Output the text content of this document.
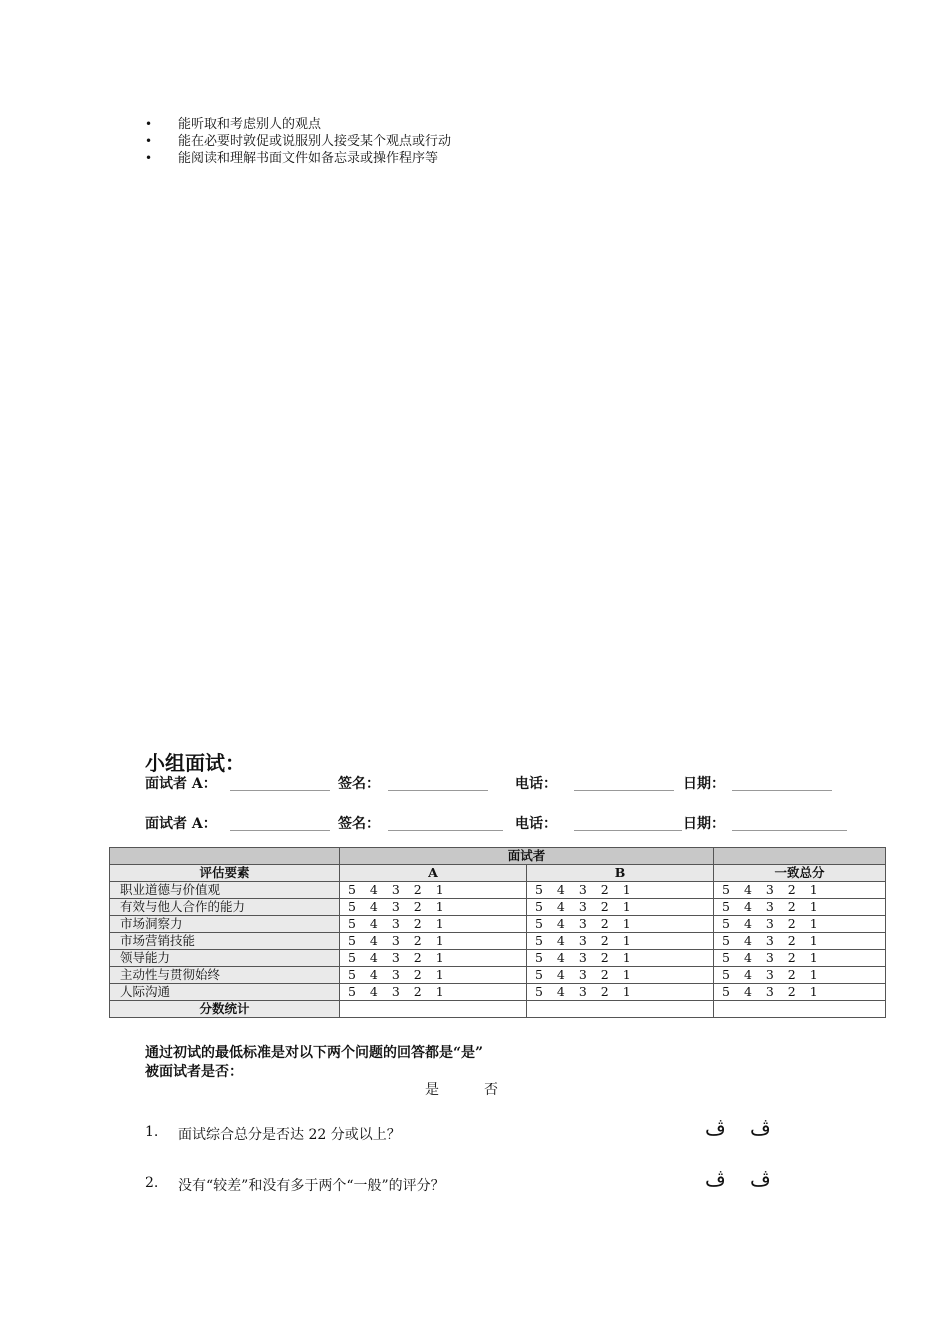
• 能听取和考虑别人的观点
• 能在必要时敦促或说服别人接受某个观点或行动
• 能阅读和理解书面文件如备忘录或操作程序等
小组面试：
面试者 A：	签名：	电话：	日期：
面试者 A：	签名：	电话：	日期：
	面试者		
评估要素	A	B	一致总分
职业道德与价值观	5 4 3 2 1	5 4 3 2 1	5 4 3 2 1
有效与他人合作的能力	5 4 3 2 1	5 4 3 2 1	5 4 3 2 1
市场洞察力	5 4 3 2 1	5 4 3 2 1	5 4 3 2 1
市场营销技能	5 4 3 2 1	5 4 3 2 1	5 4 3 2 1
领导能力	5 4 3 2 1	5 4 3 2 1	5 4 3 2 1
主动性与贯彻始终	5 4 3 2 1	5 4 3 2 1	5 4 3 2 1
人际沟通	5 4 3 2 1	5 4 3 2 1	5 4 3 2 1
分数统计			
通过初试的最低标准是对以下两个问题的回答都是“是”
被面试者是否：
是	否
1. 面试综合总分是否达 22 分或以上？	ڤ ڤ
2. 没有“较差”和没有多于两个“一般”的评分？	ڤ ڤ
